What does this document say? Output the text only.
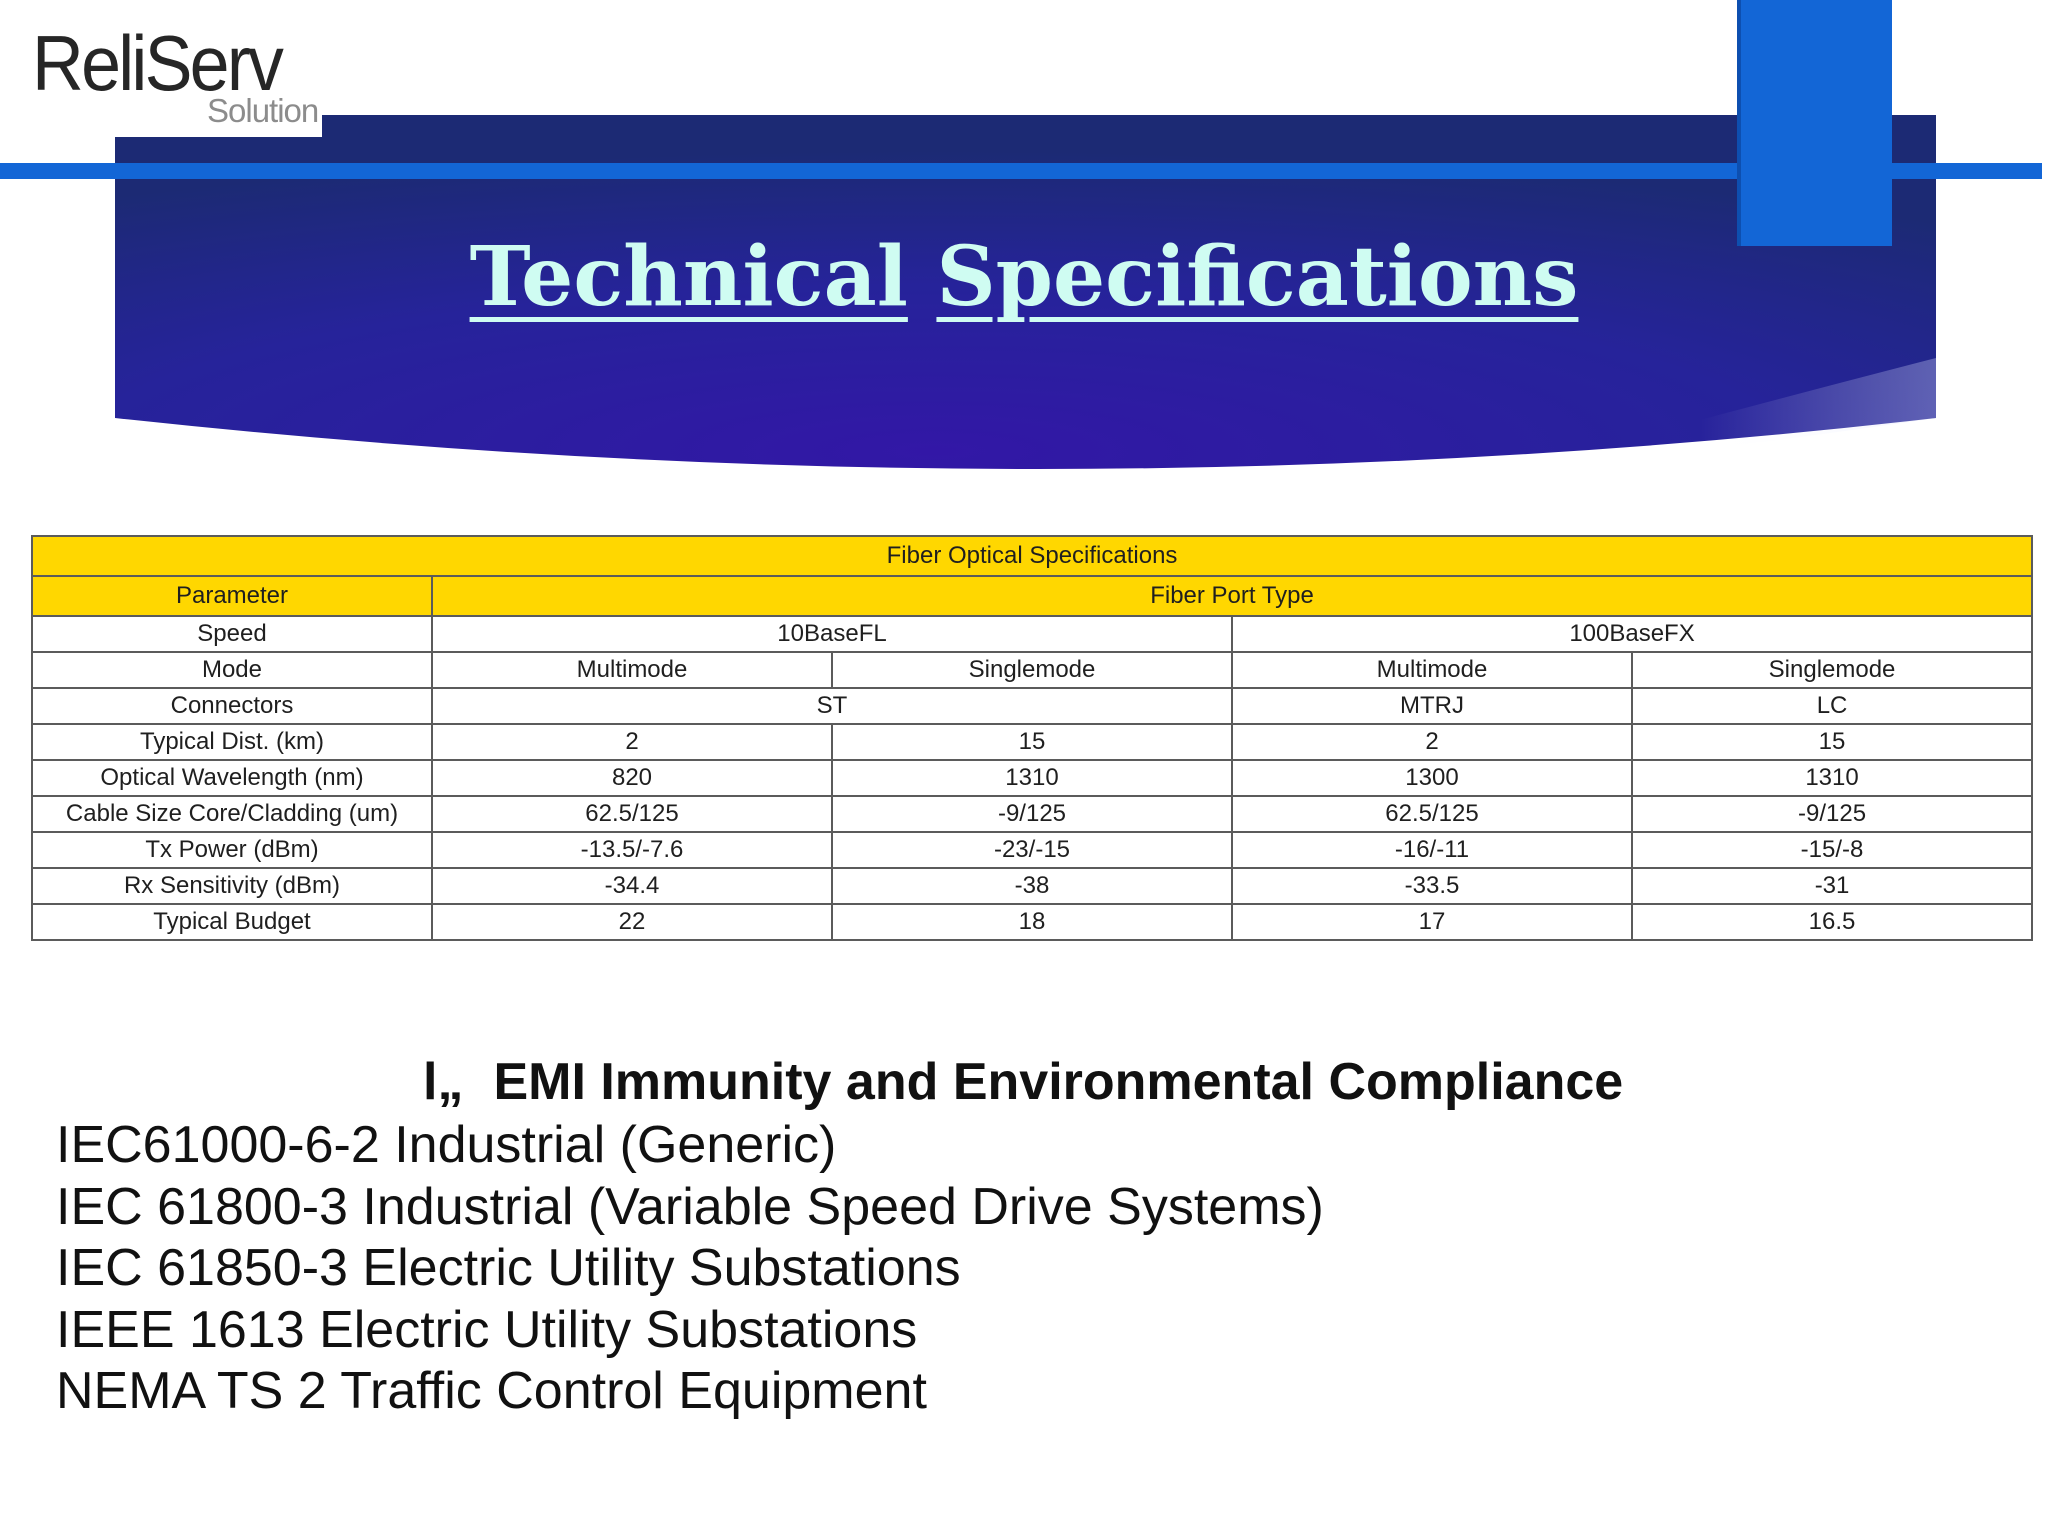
ReliServ
Solution
Technical Specifications
Fiber Optical Specifications				
Parameter	Fiber Port Type			
Speed	10BaseFL		100BaseFX	
Mode	Multimode	Singlemode	Multimode	Singlemode
Connectors	ST		MTRJ	LC
Typical Dist. (km)	2	15	2	15
Optical Wavelength (nm)	820	1310	1300	1310
Cable Size Core/Cladding (um)	62.5/125	-9/125	62.5/125	-9/125
Tx Power (dBm)	-13.5/-7.6	-23/-15	-16/-11	-15/-8
Rx Sensitivity (dBm)	-34.4	-38	-33.5	-31
Typical Budget	22	18	17	16.5
l„ EMI Immunity and Environmental Compliance
IEC61000-6-2 Industrial (Generic)
IEC 61800-3 Industrial (Variable Speed Drive Systems)
IEC 61850-3 Electric Utility Substations
IEEE 1613 Electric Utility Substations
NEMA TS 2 Traffic Control Equipment
